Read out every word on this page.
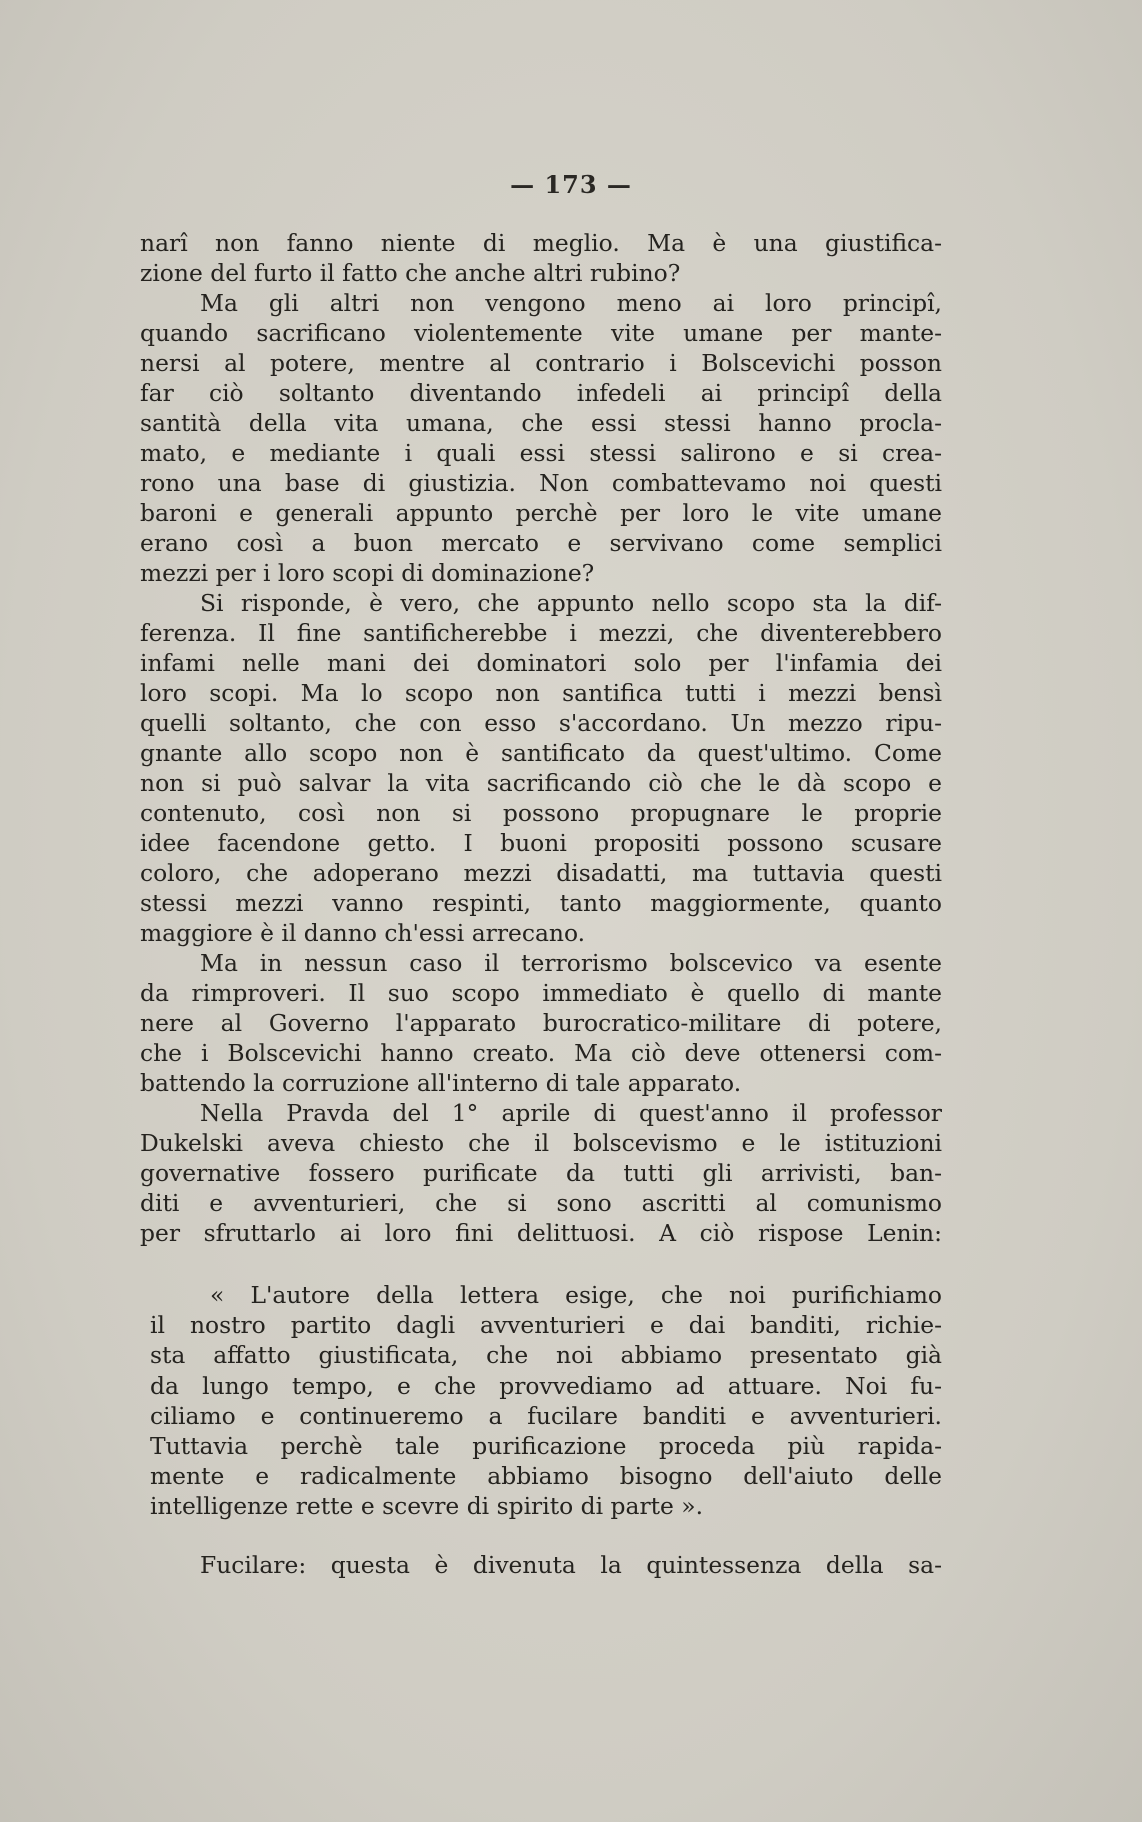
— 173 —
narî non fanno niente di meglio. Ma è una giustifica-
zione del furto il fatto che anche altri rubino?
Ma gli altri non vengono meno ai loro principî,
quando sacrificano violentemente vite umane per mante-
nersi al potere, mentre al contrario i Bolscevichi posson
far ciò soltanto diventando infedeli ai principî della
santità della vita umana, che essi stessi hanno procla-
mato, e mediante i quali essi stessi salirono e si crea-
rono una base di giustizia. Non combattevamo noi questi
baroni e generali appunto perchè per loro le vite umane
erano così a buon mercato e servivano come semplici
mezzi per i loro scopi di dominazione?
Si risponde, è vero, che appunto nello scopo sta la dif-
ferenza. Il fine santificherebbe i mezzi, che diventerebbero
infami nelle mani dei dominatori solo per l'infamia dei
loro scopi. Ma lo scopo non santifica tutti i mezzi bensì
quelli soltanto, che con esso s'accordano. Un mezzo ripu-
gnante allo scopo non è santificato da quest'ultimo. Come
non si può salvar la vita sacrificando ciò che le dà scopo e
contenuto, così non si possono propugnare le proprie
idee facendone getto. I buoni propositi possono scusare
coloro, che adoperano mezzi disadatti, ma tuttavia questi
stessi mezzi vanno respinti, tanto maggiormente, quanto
maggiore è il danno ch'essi arrecano.
Ma in nessun caso il terrorismo bolscevico va esente
da rimproveri. Il suo scopo immediato è quello di mante
nere al Governo l'apparato burocratico-militare di potere,
che i Bolscevichi hanno creato. Ma ciò deve ottenersi com-
battendo la corruzione all'interno di tale apparato.
Nella Pravda del 1° aprile di quest'anno il professor
Dukelski aveva chiesto che il bolscevismo e le istituzioni
governative fossero purificate da tutti gli arrivisti, ban-
diti e avventurieri, che si sono ascritti al comunismo
per sfruttarlo ai loro fini delittuosi. A ciò rispose Lenin:
« L'autore della lettera esige, che noi purifichiamo
il nostro partito dagli avventurieri e dai banditi, richie-
sta affatto giustificata, che noi abbiamo presentato già
da lungo tempo, e che provvediamo ad attuare. Noi fu-
ciliamo e continueremo a fucilare banditi e avventurieri.
Tuttavia perchè tale purificazione proceda più rapida-
mente e radicalmente abbiamo bisogno dell'aiuto delle
intelligenze rette e scevre di spirito di parte ».
Fucilare: questa è divenuta la quintessenza della sa-
